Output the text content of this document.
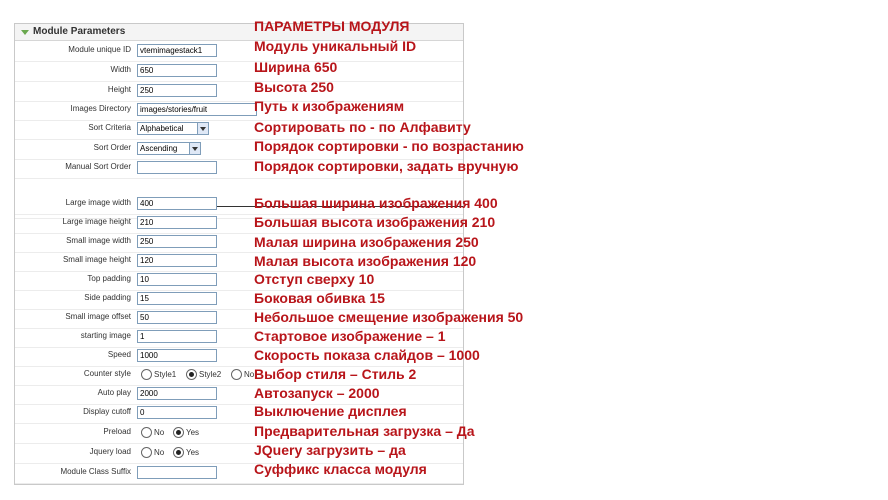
Module Parameters
Module unique ID	vtemimagestack1
Width	650
Height	250
Images Directory	images/stories/fruit
Sort Criteria	Alphabetical
Sort Order	Ascending
Manual Sort Order
Large image width	400
Large image height	210
Small image width	250
Small image height	120
Top padding	10
Side padding	15
Small image offset	50
starting image	1
Speed	1000
Counter style	Style1	Style2	No
Auto play	2000
Display cutoff	0
Preload	No	Yes
Jquery load	No	Yes
Module Class Suffix
ПАРАМЕТРЫ МОДУЛЯ
Модуль уникальный ID
Ширина 650
Высота 250
Путь к изображениям
Сортировать по - по Алфавиту
Порядок сортировки - по возрастанию
Порядок сортировки, задать вручную
Большая ширина изображения 400
Большая высота изображения 210
Малая ширина изображения 250
Малая высота изображения 120
Отступ сверху 10
Боковая обивка 15
Небольшое смещение изображения 50
Стартовое изображение – 1
Скорость показа слайдов – 1000
Выбор стиля – Стиль 2
Автозапуск – 2000
Выключение дисплея
Предварительная загрузка – Да
JQuery загрузить – да
Суффикс класса модуля
